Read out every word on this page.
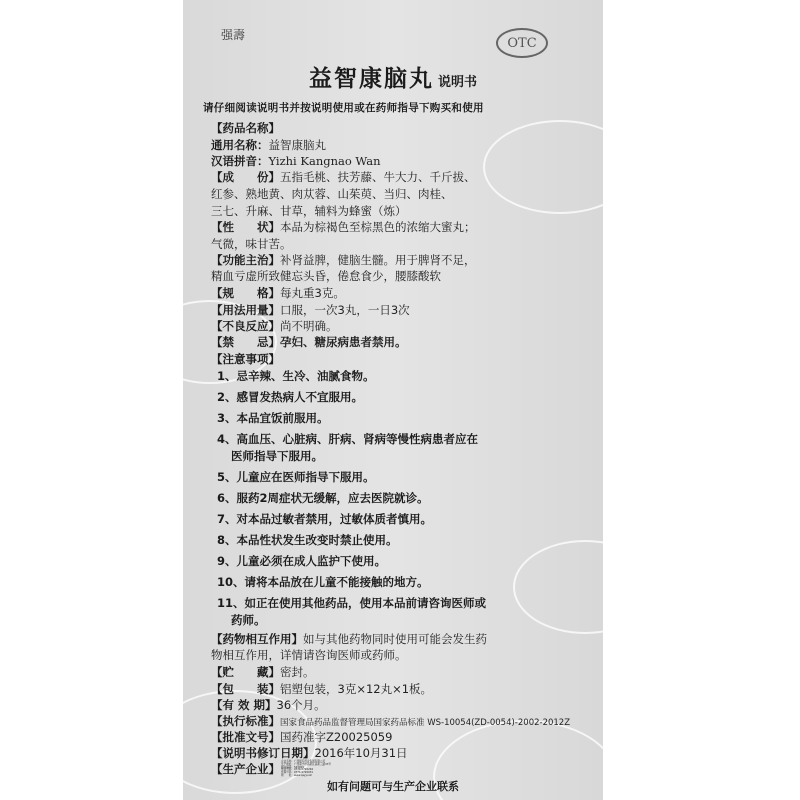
强壽
OTC
益智康脑丸 说明书
请仔细阅读说明书并按说明使用或在药师指导下购买和使用
【药品名称】
通用名称：益智康脑丸
汉语拼音：Yizhi Kangnao Wan
【成　　份】五指毛桃、扶芳藤、牛大力、千斤拔、
红参、熟地黄、肉苁蓉、山茱萸、当归、肉桂、
三七、升麻、甘草，辅料为蜂蜜（炼）
【性　　状】本品为棕褐色至棕黑色的浓缩大蜜丸；
气微，味甘苦。
【功能主治】补肾益脾，健脑生髓。用于脾肾不足，
精血亏虚所致健忘头昏，倦怠食少，腰膝酸软
【规　　格】每丸重3克。
【用法用量】口服，一次3丸，一日3次
【不良反应】尚不明确。
【禁　　忌】孕妇、糖尿病患者禁用。
【注意事项】
1、忌辛辣、生冷、油腻食物。
2、感冒发热病人不宜服用。
3、本品宜饭前服用。
4、高血压、心脏病、肝病、肾病等慢性病患者应在
医师指导下服用。
5、儿童应在医师指导下服用。
6、服药2周症状无缓解，应去医院就诊。
7、对本品过敏者禁用，过敏体质者慎用。
8、本品性状发生改变时禁止使用。
9、儿童必须在成人监护下使用。
10、请将本品放在儿童不能接触的地方。
11、如正在使用其他药品，使用本品前请咨询医师或
药师。
【药物相互作用】如与其他药物同时使用可能会发生药
物相互作用，详情请咨询医师或药师。
【贮　　藏】密封。
【包　　装】铝塑包装，3克×12丸×1板。
【有 效 期】36个月。
【执行标准】国家食品药品监督管理局国家药品标准 WS-10054(ZD-0054)-2002-2012Z
【批准文号】国药准字Z20025059
【说明书修订日期】2016年10月31日
【生产企业】
企业名称：广西强寿药业集团有限公司
生产地址：广西南宁市高新区高新三路33号
邮政编码：543004
电话号码：0774-5720294
传真号码：0774-5720031
网　　址：www.qsyy.net
如有问题可与生产企业联系
